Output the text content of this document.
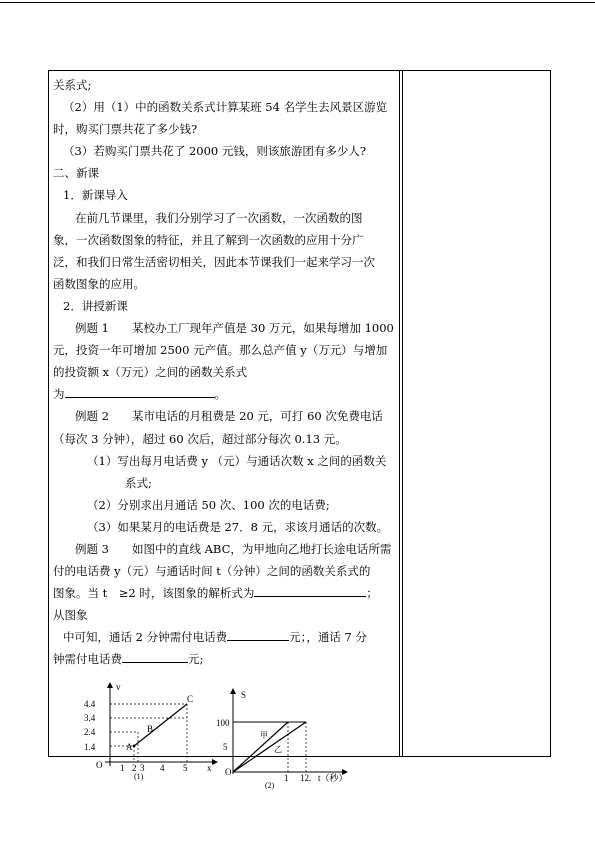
关系式;
（2）用（1）中的函数关系式计算某班 54 名学生去风景区游览
时，购买门票共花了多少钱?
（3）若购买门票共花了 2000 元钱，则该旅游团有多少人?
二、新课
1．新课导入
在前几节课里，我们分别学习了一次函数，一次函数的图
象，一次函数图象的特征，并且了解到一次函数的应用十分广
泛，和我们日常生活密切相关，因此本节课我们一起来学习一次
函数图象的应用。
2．讲授新课
例题 1　　某校办工厂现年产值是 30 万元，如果每增加 1000
元，投资一年可增加 2500 元产值。那么总产值 y（万元）与增加
的投资额 x（万元）之间的函数关系式
为	。
例题 2　　某市电话的月租费是 20 元，可打 60 次免费电话
（每次 3 分钟），超过 60 次后，超过部分每次 0.13 元。
（1）写出每月电话费 y （元）与通话次数 x 之间的函数关
系式;
（2）分别求出月通话 50 次、100 次的电话费;
（3）如果某月的电话费是 27．8 元，求该月通话的次数。
例题 3　　如图中的直线 ABC，为甲地向乙地打长途电话所需
付的电话费 y（元）与通话时间 t（分钟）之间的函数关系式的
图象。当 t　≥2 时，该图象的解析式为	；
从图象
中可知，通话 2 分钟需付电话费	元；，通话 7 分
钟需付电话费	元;
v
x
O
4.4
3.4
2.4
1.4
1 2 3 4 5
A
B
C
(1)
S
O
100
5
1 12. t（秒）
甲
乙
(2)
